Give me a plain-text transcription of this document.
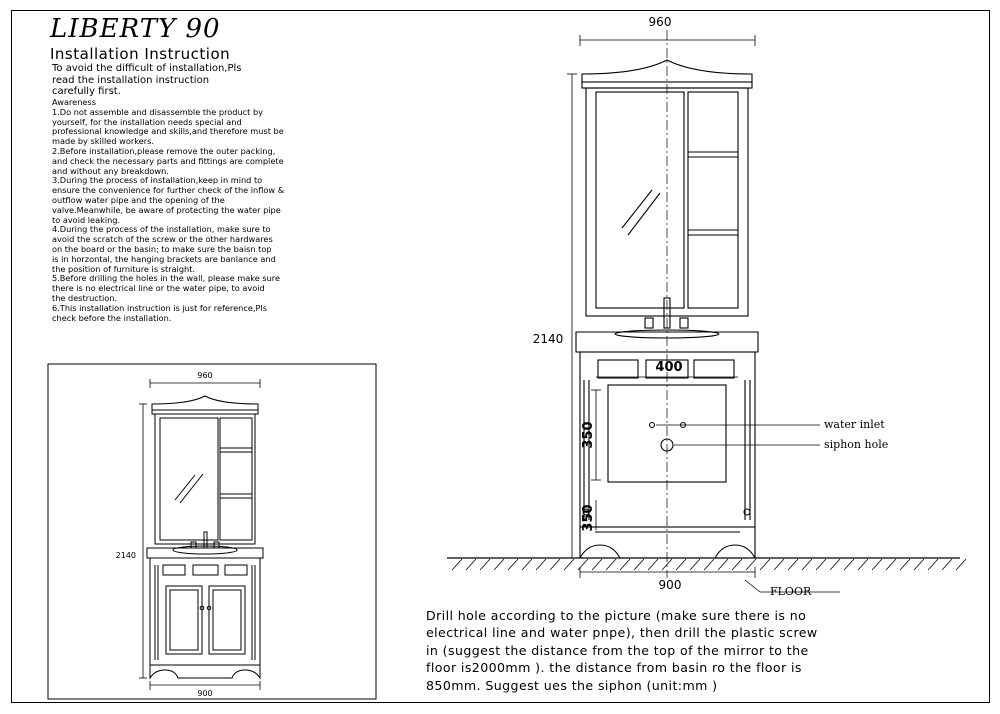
LIBERTY 90
Installation Instruction
To avoid the difficult of installation,Pls
read the installation instruction
carefully first.
Awareness
1.Do not assemble and disassemble the product by
yourself, for the installation needs special and
professional knowledge and skills,and therefore must be
made by skilled workers.
2.Before installation,please remove the outer packing,
and check the necessary parts and fittings are complete
and without any breakdown.
3.During the process of installation,keep in mind to
ensure the convenience for further check of the inflow &
outflow water pipe and the opening of the
valve.Meanwhile, be aware of protecting the water pipe
to avoid leaking.
4.During the process of the installation, make sure to
avoid the scratch of the screw or the other hardwares
on the board or the basin; to make sure the baisn top
is in horzontal, the hanging brackets are banlance and
the position of furniture is straight.
5.Before drilling the holes in the wall, please make sure
there is no electrical line or the water pipe, to avoid
the destruction.
6.This installation instruction is just for reference,Pls
check before the installation.
Drill hole according to the picture (make sure there is no
electrical line and water pnpe), then drill the plastic screw
in (suggest the distance from the top of the mirror to the
floor is2000mm ). the distance from basin ro the floor is
850mm. Suggest ues the siphon (unit:mm )
960
2140
900
960
2140
400
350
350
water inlet
siphon hole
900	FLOOR
